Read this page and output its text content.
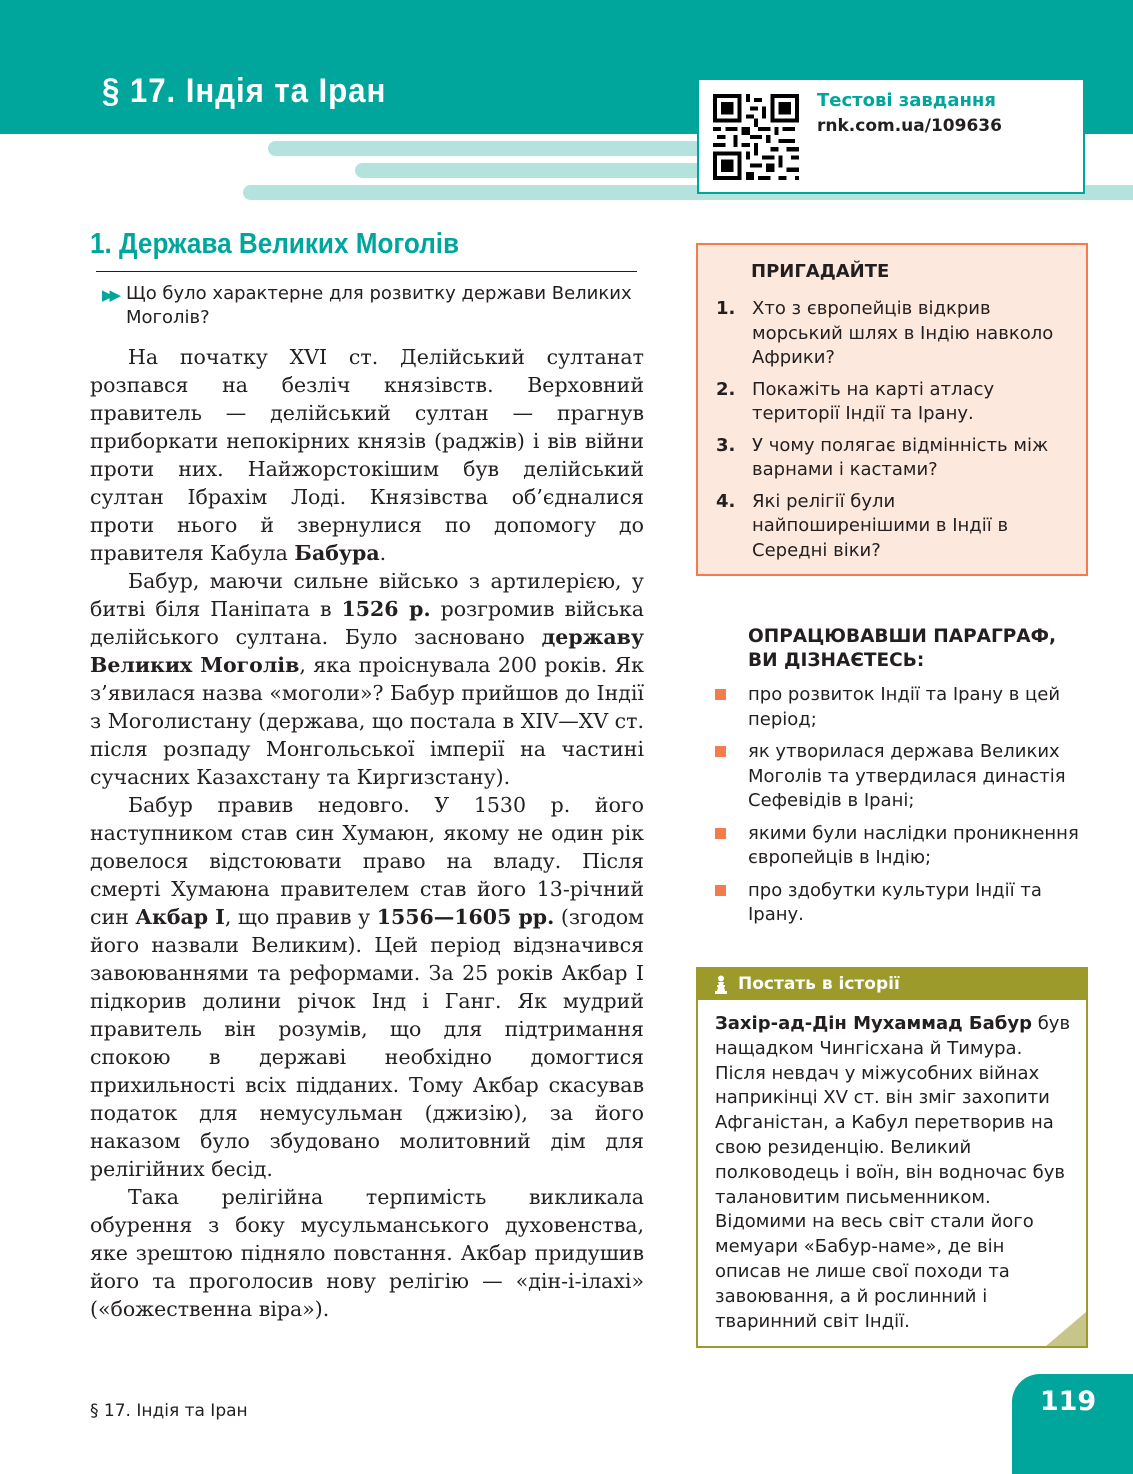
§ 17. Індія та Іран	Тестові завдання
rnk.com.ua/109636
1. Держава Великих Моголів
▶▶ Що було характерне для розвитку держави Великих Моголів?

На початку XVI ст. Делійський султанат розпався на безліч князівств. Верховний правитель — делійський султан — прагнув приборкати непокірних князів (раджів) і вів війни проти них. Найжорстокішим був делійський султан Ібрахім Лоді. Князівства об’єдналися проти нього й звернулися по допомогу до правителя Кабула Бабура.

Бабур, маючи сильне військо з артилерією, у битві біля Паніпата в 1526 р. розгромив війська делійського султана. Було засновано державу Великих Моголів, яка проіснувала 200 років. Як з’явилася назва «моголи»? Бабур прийшов до Індії з Моголистану (держава, що постала в XIV—XV ст. після розпаду Монгольської імперії на частині сучасних Казахстану та Киргизстану).

Бабур правив недовго. У 1530 р. його наступником став син Хумаюн, якому не один рік довелося відстоювати право на владу. Після смерті Хумаюна правителем став його 13-річний син Акбар І, що правив у 1556—1605 рр. (згодом його назвали Великим). Цей період відзначився завоюваннями та реформами. За 25 років Акбар І підкорив долини річок Інд і Ганг. Як мудрий правитель він розумів, що для підтримання спокою в державі необхідно домогтися прихильності всіх підданих. Тому Акбар скасував податок для немусульман (джизію), за його наказом було збудовано молитовний дім для релігійних бесід.

Така релігійна терпимість викликала обурення з боку мусульманського духовенства, яке зрештою підняло повстання. Акбар придушив його та проголосив нову релігію — «дін-і-ілахі» («божественна віра»).

ПРИГАДАЙТЕ
1. Хто з європейців відкрив морський шлях в Індію навколо Африки?
2. Покажіть на карті атласу території Індії та Ірану.
3. У чому полягає відмінність між варнами і кастами?
4. Які релігії були найпоширенішими в Індії в Середні віки?
ОПРАЦЮВАВШИ ПАРАГРАФ, ВИ ДІЗНАЄТЕСЬ:
про розвиток Індії та Ірану в цей період;
як утворилася держава Великих Моголів та утвердилася династія Сефевідів в Ірані;
якими були наслідки проникнення європейців в Індію;
про здобутки культури Індії та Ірану.
Постать в історії
Захір-ад-Дін Мухаммад Бабур був нащадком Чингісхана й Тимура. Після невдач у міжусобних війнах наприкінці XV ст. він зміг захопити Афганістан, а Кабул перетворив на свою резиденцію. Великий полководець і воїн, він водночас був талановитим письменником. Відомими на весь світ стали його мемуари «Бабур-наме», де він описав не лише свої походи та завоювання, а й рослинний і тваринний світ Індії.
§ 17. Індія та Іран	119
